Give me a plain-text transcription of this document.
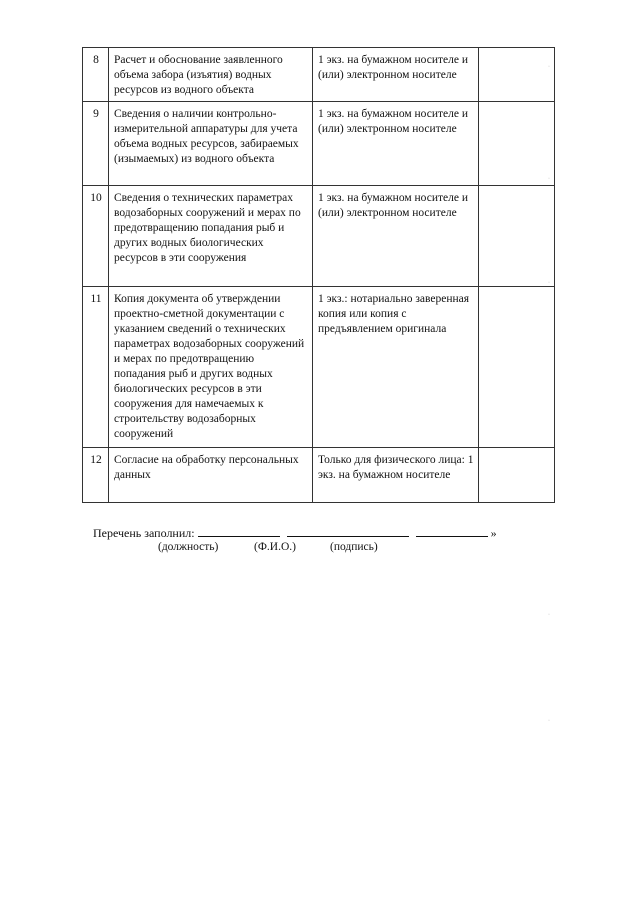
8	Расчет и обоснование заявленного объема забора (изъятия) водных ресурсов из водного объекта	1 экз. на бумажном носителе и (или) электронном носителе	
9	Сведения о наличии контрольно-измерительной аппаратуры для учета объема водных ресурсов, забираемых (изымаемых) из водного объекта	1 экз. на бумажном носителе и (или) электронном носителе	
10	Сведения о технических параметрах водозаборных сооружений и мерах по предотвращению попадания рыб и других водных биологических ресурсов в эти сооружения	1 экз. на бумажном носителе и (или) электронном носителе	
11	Копия документа об утверждении проектно-сметной документации с указанием сведений о технических параметрах водозаборных сооружений и мерах по предотвращению попадания рыб и других водных биологических ресурсов в эти сооружения для намечаемых к строительству водозаборных сооружений	1 экз.: нотариально заверенная копия или копия с предъявлением оригинала	
12	Согласие на обработку персональных данных	Только для физического лица: 1 экз. на бумажном носителе	
Перечень заполнил:	»
(должность)	(Ф.И.О.)	(подпись)
·
·
·
·
·
